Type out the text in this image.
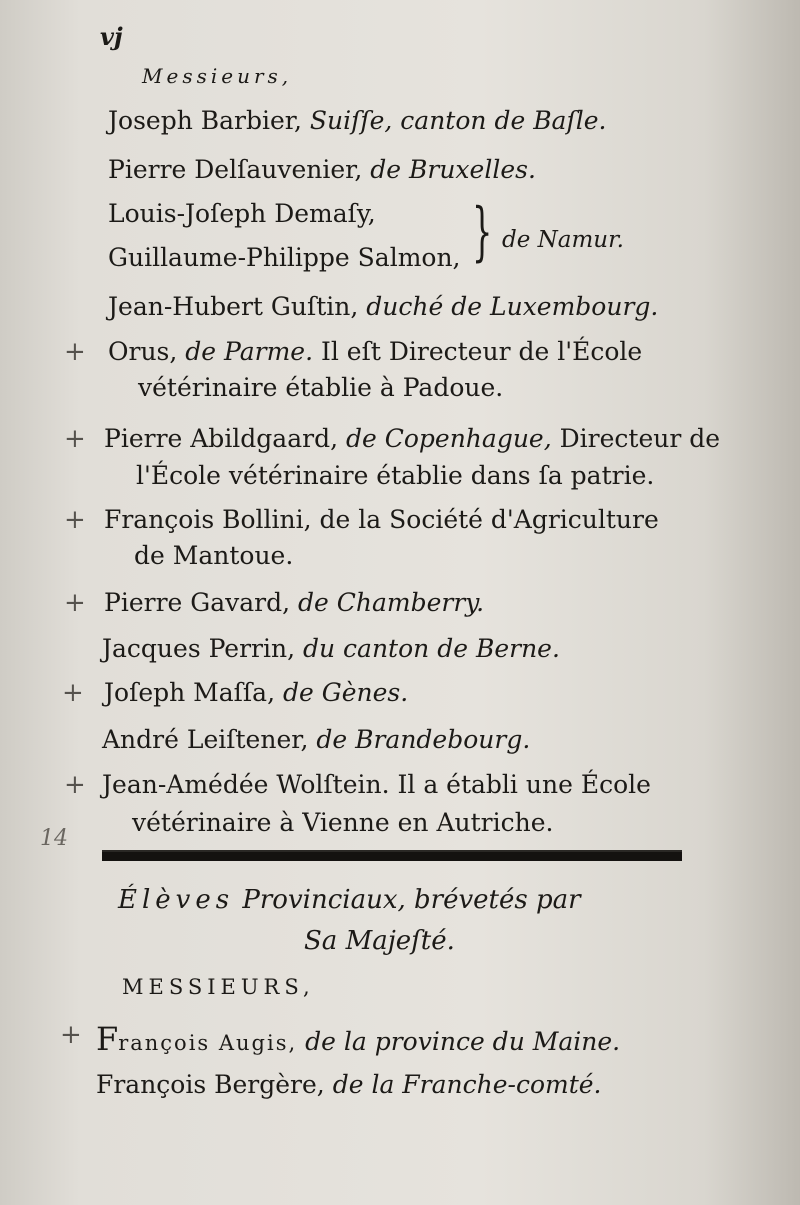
vj
Messieurs,
Joseph Barbier, Suiſſe, canton de Baſle.
Pierre Delſauvenier, de Bruxelles.
Louis-Joſeph Demaſy,
Guillaume-Philippe Salmon, } de Namur.
Jean-Hubert Guſtin, duché de Luxembourg.
+ Orus, de Parme. Il eſt Directeur de l'École
vétérinaire établie à Padoue.
+ Pierre Abildgaard, de Copenhague, Directeur de
l'École vétérinaire établie dans ſa patrie.
+ François Bollini, de la Société d'Agriculture
de Mantoue.
+ Pierre Gavard, de Chamberry.
Jacques Perrin, du canton de Berne.
+ Joſeph Maſſa, de Gènes.
André Leiſtener, de Brandebourg.
+ Jean-Amédée Wolſtein. Il a établi une École
vétérinaire à Vienne en Autriche.
14
Élèves Provinciaux, brévetés par
Sa Majeſté.
MESSIEURS,
+ François Augis, de la province du Maine.
François Bergère, de la Franche-comté.
